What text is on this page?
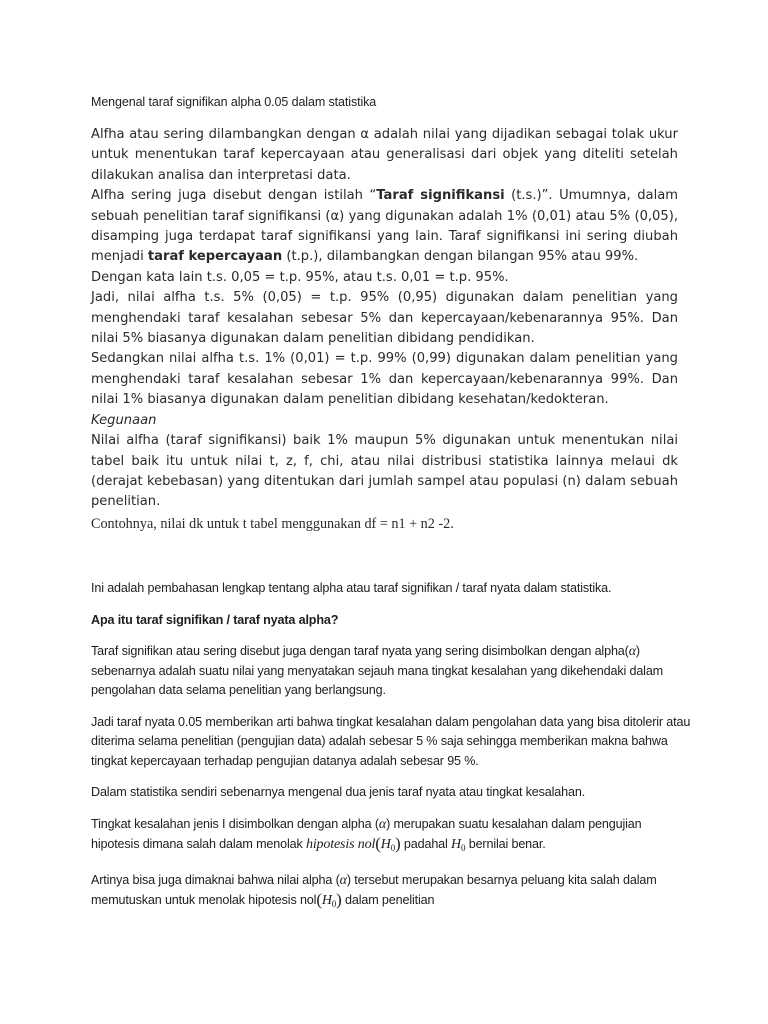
Mengenal taraf signifikan alpha 0.05 dalam statistika

Alfha atau sering dilambangkan dengan α adalah nilai yang dijadikan sebagai tolak ukur untuk menentukan taraf kepercayaan atau generalisasi dari objek yang diteliti setelah dilakukan analisa dan interpretasi data.

Alfha sering juga disebut dengan istilah “Taraf signifikansi (t.s.)”. Umumnya, dalam sebuah penelitian taraf signifikansi (α) yang digunakan adalah 1% (0,01) atau 5% (0,05), disamping juga terdapat taraf signifikansi yang lain. Taraf signifikansi ini sering diubah menjadi taraf kepercayaan (t.p.), dilambangkan dengan bilangan 95% atau 99%.

Dengan kata lain t.s. 0,05 = t.p. 95%, atau t.s. 0,01 = t.p. 95%.

Jadi, nilai alfha t.s. 5% (0,05) = t.p. 95% (0,95) digunakan dalam penelitian yang menghendaki taraf kesalahan sebesar 5% dan kepercayaan/kebenarannya 95%. Dan nilai 5% biasanya digunakan dalam penelitian dibidang pendidikan.

Sedangkan nilai alfha t.s. 1% (0,01) = t.p. 99% (0,99) digunakan dalam penelitian yang menghendaki taraf kesalahan sebesar 1% dan kepercayaan/kebenarannya 99%. Dan nilai 1% biasanya digunakan dalam penelitian dibidang kesehatan/kedokteran.

Kegunaan

Nilai alfha (taraf signifikansi) baik 1% maupun 5% digunakan untuk menentukan nilai tabel baik itu untuk nilai t, z, f, chi, atau nilai distribusi statistika lainnya melaui dk (derajat kebebasan) yang ditentukan dari jumlah sampel atau populasi (n) dalam sebuah penelitian.

Contohnya, nilai dk untuk t tabel menggunakan df = n1 + n2 -2.

Ini adalah pembahasan lengkap tentang alpha atau taraf signifikan / taraf nyata dalam statistika.

Apa itu taraf signifikan / taraf nyata alpha?

Taraf signifikan atau sering disebut juga dengan taraf nyata yang sering disimbolkan dengan alpha(α) sebenarnya adalah suatu nilai yang menyatakan sejauh mana tingkat kesalahan yang dikehendaki dalam pengolahan data selama penelitian yang berlangsung.

Jadi taraf nyata 0.05 memberikan arti bahwa tingkat kesalahan dalam pengolahan data yang bisa ditolerir atau diterima selama penelitian (pengujian data) adalah sebesar 5 % saja sehingga memberikan makna bahwa tingkat kepercayaan terhadap pengujian datanya adalah sebesar 95 %.

Dalam statistika sendiri sebenarnya mengenal dua jenis taraf nyata atau tingkat kesalahan.

Tingkat kesalahan jenis I disimbolkan dengan alpha (α) merupakan suatu kesalahan dalam pengujian hipotesis dimana salah dalam menolak hipotesis $nol(H_0)$ padahal $H_0$ bernilai benar.

Artinya bisa juga dimaknai bahwa nilai alpha (α) tersebut merupakan besarnya peluang kita salah dalam memutuskan untuk menolak hipotesis $nol(H_0)$ dalam penelitian
